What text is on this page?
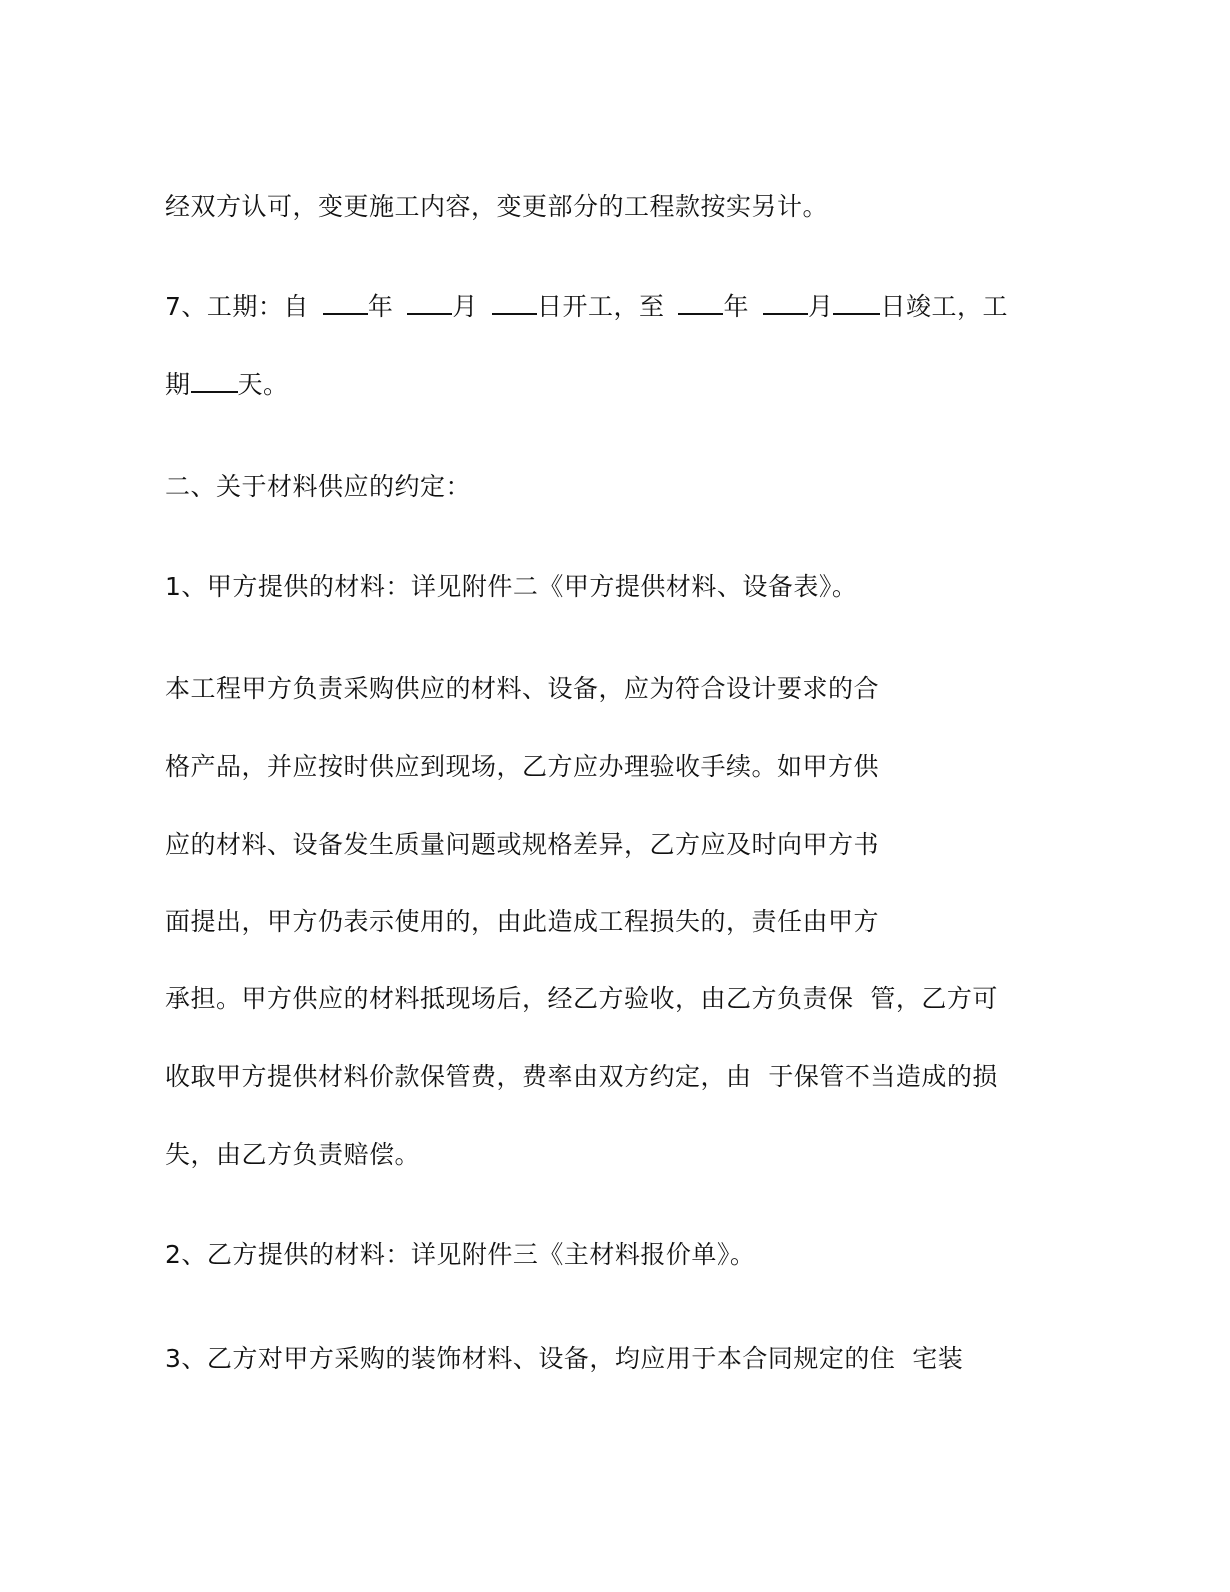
经双方认可，变更施工内容，变更部分的工程款按实另计。
7、工期：自 年 月 日开工，至 年 月 日竣工，工
期 天。
二、关于材料供应的约定：
1、甲方提供的材料：详见附件二《甲方提供材料、设备表》。
本工程甲方负责采购供应的材料、设备，应为符合设计要求的合
格产品，并应按时供应到现场，乙方应办理验收手续。如甲方供
应的材料、设备发生质量问题或规格差异，乙方应及时向甲方书
面提出，甲方仍表示使用的，由此造成工程损失的，责任由甲方
承担。甲方供应的材料抵现场后，经乙方验收，由乙方负责保  管，乙方可
收取甲方提供材料价款保管费，费率由双方约定，由  于保管不当造成的损
失，由乙方负责赔偿。
2、乙方提供的材料：详见附件三《主材料报价单》。
3、乙方对甲方采购的装饰材料、设备，均应用于本合同规定的住  宅装
